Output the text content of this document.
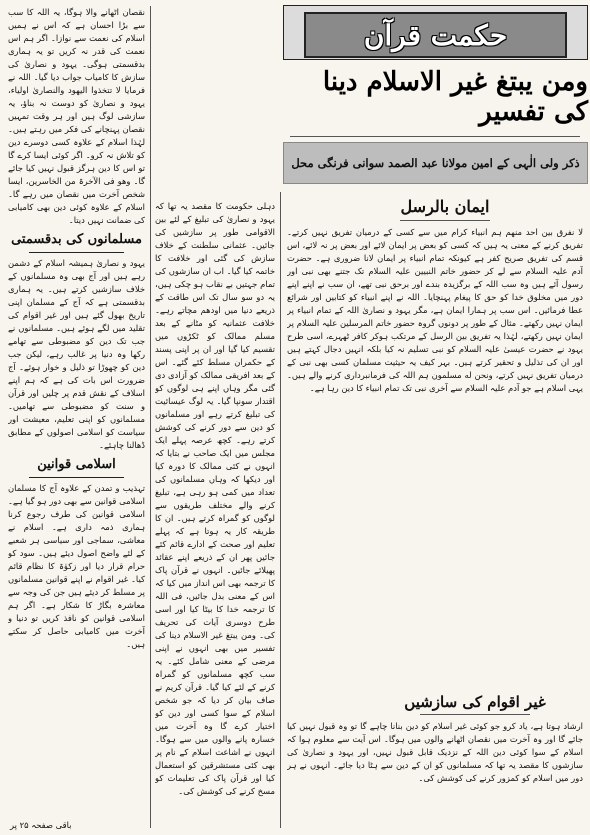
نقصان اٹھانے والا ہوگا، یہ اللہ کا سب سے بڑا احسان ہے کہ اس نے ہمیں اسلام کی نعمت سے نوازا۔ اگر ہم اس نعمت کی قدر نہ کریں تو یہ ہماری بدقسمتی ہوگی۔ یہود و نصاریٰ کی سازش کا کامیاب جواب دیا گیا۔ اللہ نے فرمایا لا تتخذوا الیھود والنصاریٰ اولیاء، یہود و نصاریٰ کو دوست نہ بناؤ، یہ سازشی لوگ ہیں اور ہر وقت تمہیں نقصان پہنچانے کی فکر میں رہتے ہیں۔ لہٰذا اسلام کے علاوہ کسی دوسرے دین کو تلاش نہ کرو۔ اگر کوئی ایسا کرے گا تو اس کا دین ہرگز قبول نہیں کیا جائے گا۔ وھو فی الآخرۃ من الخاسرین، ایسا شخص آخرت میں نقصان میں رہے گا۔ اسلام کے علاوہ کوئی دین بھی کامیابی کی ضمانت نہیں دیتا۔

مسلمانوں کی بدقسمتی

یہود و نصاریٰ ہمیشہ اسلام کے دشمن رہے ہیں اور آج بھی وہ مسلمانوں کے خلاف سازشیں کرتے ہیں۔ یہ ہماری بدقسمتی ہے کہ آج کے مسلمان اپنی تاریخ بھول گئے ہیں اور غیر اقوام کی تقلید میں لگے ہوئے ہیں۔ مسلمانوں نے جب تک دین کو مضبوطی سے تھامے رکھا وہ دنیا پر غالب رہے، لیکن جب دین کو چھوڑا تو ذلیل و خوار ہوئے۔ آج ضرورت اس بات کی ہے کہ ہم اپنے اسلاف کے نقش قدم پر چلیں اور قرآن و سنت کو مضبوطی سے تھامیں۔ مسلمانوں کو اپنی تعلیم، معیشت اور سیاست کو اسلامی اصولوں کے مطابق ڈھالنا چاہئے۔

اسلامی قوانین

تہذیب و تمدن کے علاوہ آج کا مسلمان اسلامی قوانین سے بھی دور ہو گیا ہے۔ اسلامی قوانین کی طرف رجوع کرنا ہماری ذمہ داری ہے۔ اسلام نے معاشی، سماجی اور سیاسی ہر شعبے کے لئے واضح اصول دیئے ہیں۔ سود کو حرام قرار دیا اور زکوٰۃ کا نظام قائم کیا۔ غیر اقوام نے اپنے قوانین مسلمانوں پر مسلط کر دیئے ہیں جن کی وجہ سے معاشرہ بگاڑ کا شکار ہے۔ اگر ہم اسلامی قوانین کو نافذ کریں تو دنیا و آخرت میں کامیابی حاصل کر سکتے ہیں۔

باقی صفحہ ۲۵ پر

دہلی حکومت کا مقصد یہ تھا کہ یہود و نصاریٰ کی تبلیغ کے لئے بین الاقوامی طور پر سازشیں کی جائیں۔ عثمانی سلطنت کے خلاف سازش کی گئی اور خلافت کا خاتمہ کیا گیا۔ اب ان سازشوں کی تمام جہتیں بے نقاب ہو چکی ہیں، یہ دو سو سال تک اس طاقت کے ذریعے دنیا میں اودھم مچاتے رہے۔ خلافت عثمانیہ کو مٹانے کے بعد مسلم ممالک کو ٹکڑوں میں تقسیم کیا گیا اور ان پر اپنی پسند کے حکمران مسلط کئے گئے۔ اس کے بعد افریقی ممالک کو آزادی دی گئی مگر وہاں اپنے ہی لوگوں کو اقتدار سونپا گیا۔ یہ لوگ عیسائیت کی تبلیغ کرتے رہے اور مسلمانوں کو دین سے دور کرنے کی کوشش کرتے رہے۔ کچھ عرصہ پہلے ایک مجلس میں ایک صاحب نے بتایا کہ انہوں نے کئی ممالک کا دورہ کیا اور دیکھا کہ وہاں مسلمانوں کی تعداد میں کمی ہو رہی ہے، تبلیغ کرنے والے مختلف طریقوں سے لوگوں کو گمراہ کرتے ہیں۔ ان کا طریقہ کار یہ ہوتا ہے کہ پہلے تعلیم اور صحت کے ادارے قائم کئے جائیں پھر ان کے ذریعے اپنے عقائد پھیلائے جائیں۔ انہوں نے قرآن پاک کا ترجمہ بھی اس انداز میں کیا کہ اس کے معنی بدل جائیں، فی اللہ کا ترجمہ خدا کا بیٹا کیا اور اسی طرح دوسری آیات کی تحریف کی۔ ومن یبتغ غیر الاسلام دینا کی تفسیر میں بھی انہوں نے اپنی مرضی کے معنی شامل کئے۔ یہ سب کچھ مسلمانوں کو گمراہ کرنے کے لئے کیا گیا۔ قرآن کریم نے صاف بیان کر دیا کہ جو شخص اسلام کے سوا کسی اور دین کو اختیار کرے گا وہ آخرت میں خسارہ پانے والوں میں سے ہوگا۔ انہوں نے اشاعت اسلام کے نام پر بھی کئی مستشرقین کو استعمال کیا اور قرآن پاک کی تعلیمات کو مسخ کرنے کی کوشش کی۔

حکمت قرآن
ومن یبتغ غیر الاسلام دینا کی تفسیر
ذکر ولی الٰہی کے امین مولانا عبد الصمد سوانی فرنگی محل
ایمان بالرسل

لا نفرق بین احد منھم ہم انبیاء کرام میں سے کسی کے درمیان تفریق نہیں کرتے۔ تفریق کرنے کے معنی یہ ہیں کہ کسی کو بعض پر ایمان لائے اور بعض پر نہ لائے، اس قسم کی تفریق صریح کفر ہے کیونکہ تمام انبیاء پر ایمان لانا ضروری ہے۔ حضرت آدم علیہ السلام سے لے کر حضور خاتم النبیین علیہ السلام تک جتنے بھی نبی اور رسول آئے ہیں وہ سب اللہ کے برگزیدہ بندے اور برحق نبی تھے، ان سب نے اپنے اپنے دور میں مخلوق خدا کو حق کا پیغام پہنچایا۔ اللہ نے اپنے انبیاء کو کتابیں اور شرائع عطا فرمائیں۔ اس سب پر ہمارا ایمان ہے، مگر یہود و نصاریٰ اللہ کے تمام انبیاء پر ایمان نہیں رکھتے۔ مثال کے طور پر دونوں گروہ حضور خاتم المرسلین علیہ السلام پر ایمان نہیں رکھتے، لہٰذا یہ تفریق بین الرسل کے مرتکب ہوکر کافر ٹھہرے، اسی طرح یہود نے حضرت عیسیٰ علیہ السلام کو نبی تسلیم نہ کیا بلکہ انہیں دجال کہتے ہیں اور ان کی تذلیل و تحقیر کرتے ہیں۔ بہر کیف یہ حیثیت مسلمان کسی بھی نبی کے درمیان تفریق نہیں کرتے، ونحن له مسلمون ہم اللہ کی فرمانبرداری کرنے والے ہیں۔ یہی اسلام ہے جو آدم علیہ السلام سے آخری نبی تک تمام انبیاء کا دین رہا ہے۔

غیر اقوام کی سازشیں

ارشاد ہوتا ہے، یاد کرو جو کوئی غیر اسلام کو دین بنانا چاہے گا تو وہ قبول نہیں کیا جائے گا اور وہ آخرت میں نقصان اٹھانے والوں میں ہوگا۔ اس آیت سے معلوم ہوا کہ اسلام کے سوا کوئی دین اللہ کے نزدیک قابل قبول نہیں، اور یہود و نصاریٰ کی سازشوں کا مقصد یہ تھا کہ مسلمانوں کو ان کے دین سے ہٹا دیا جائے۔ انہوں نے ہر دور میں اسلام کو کمزور کرنے کی کوشش کی۔
